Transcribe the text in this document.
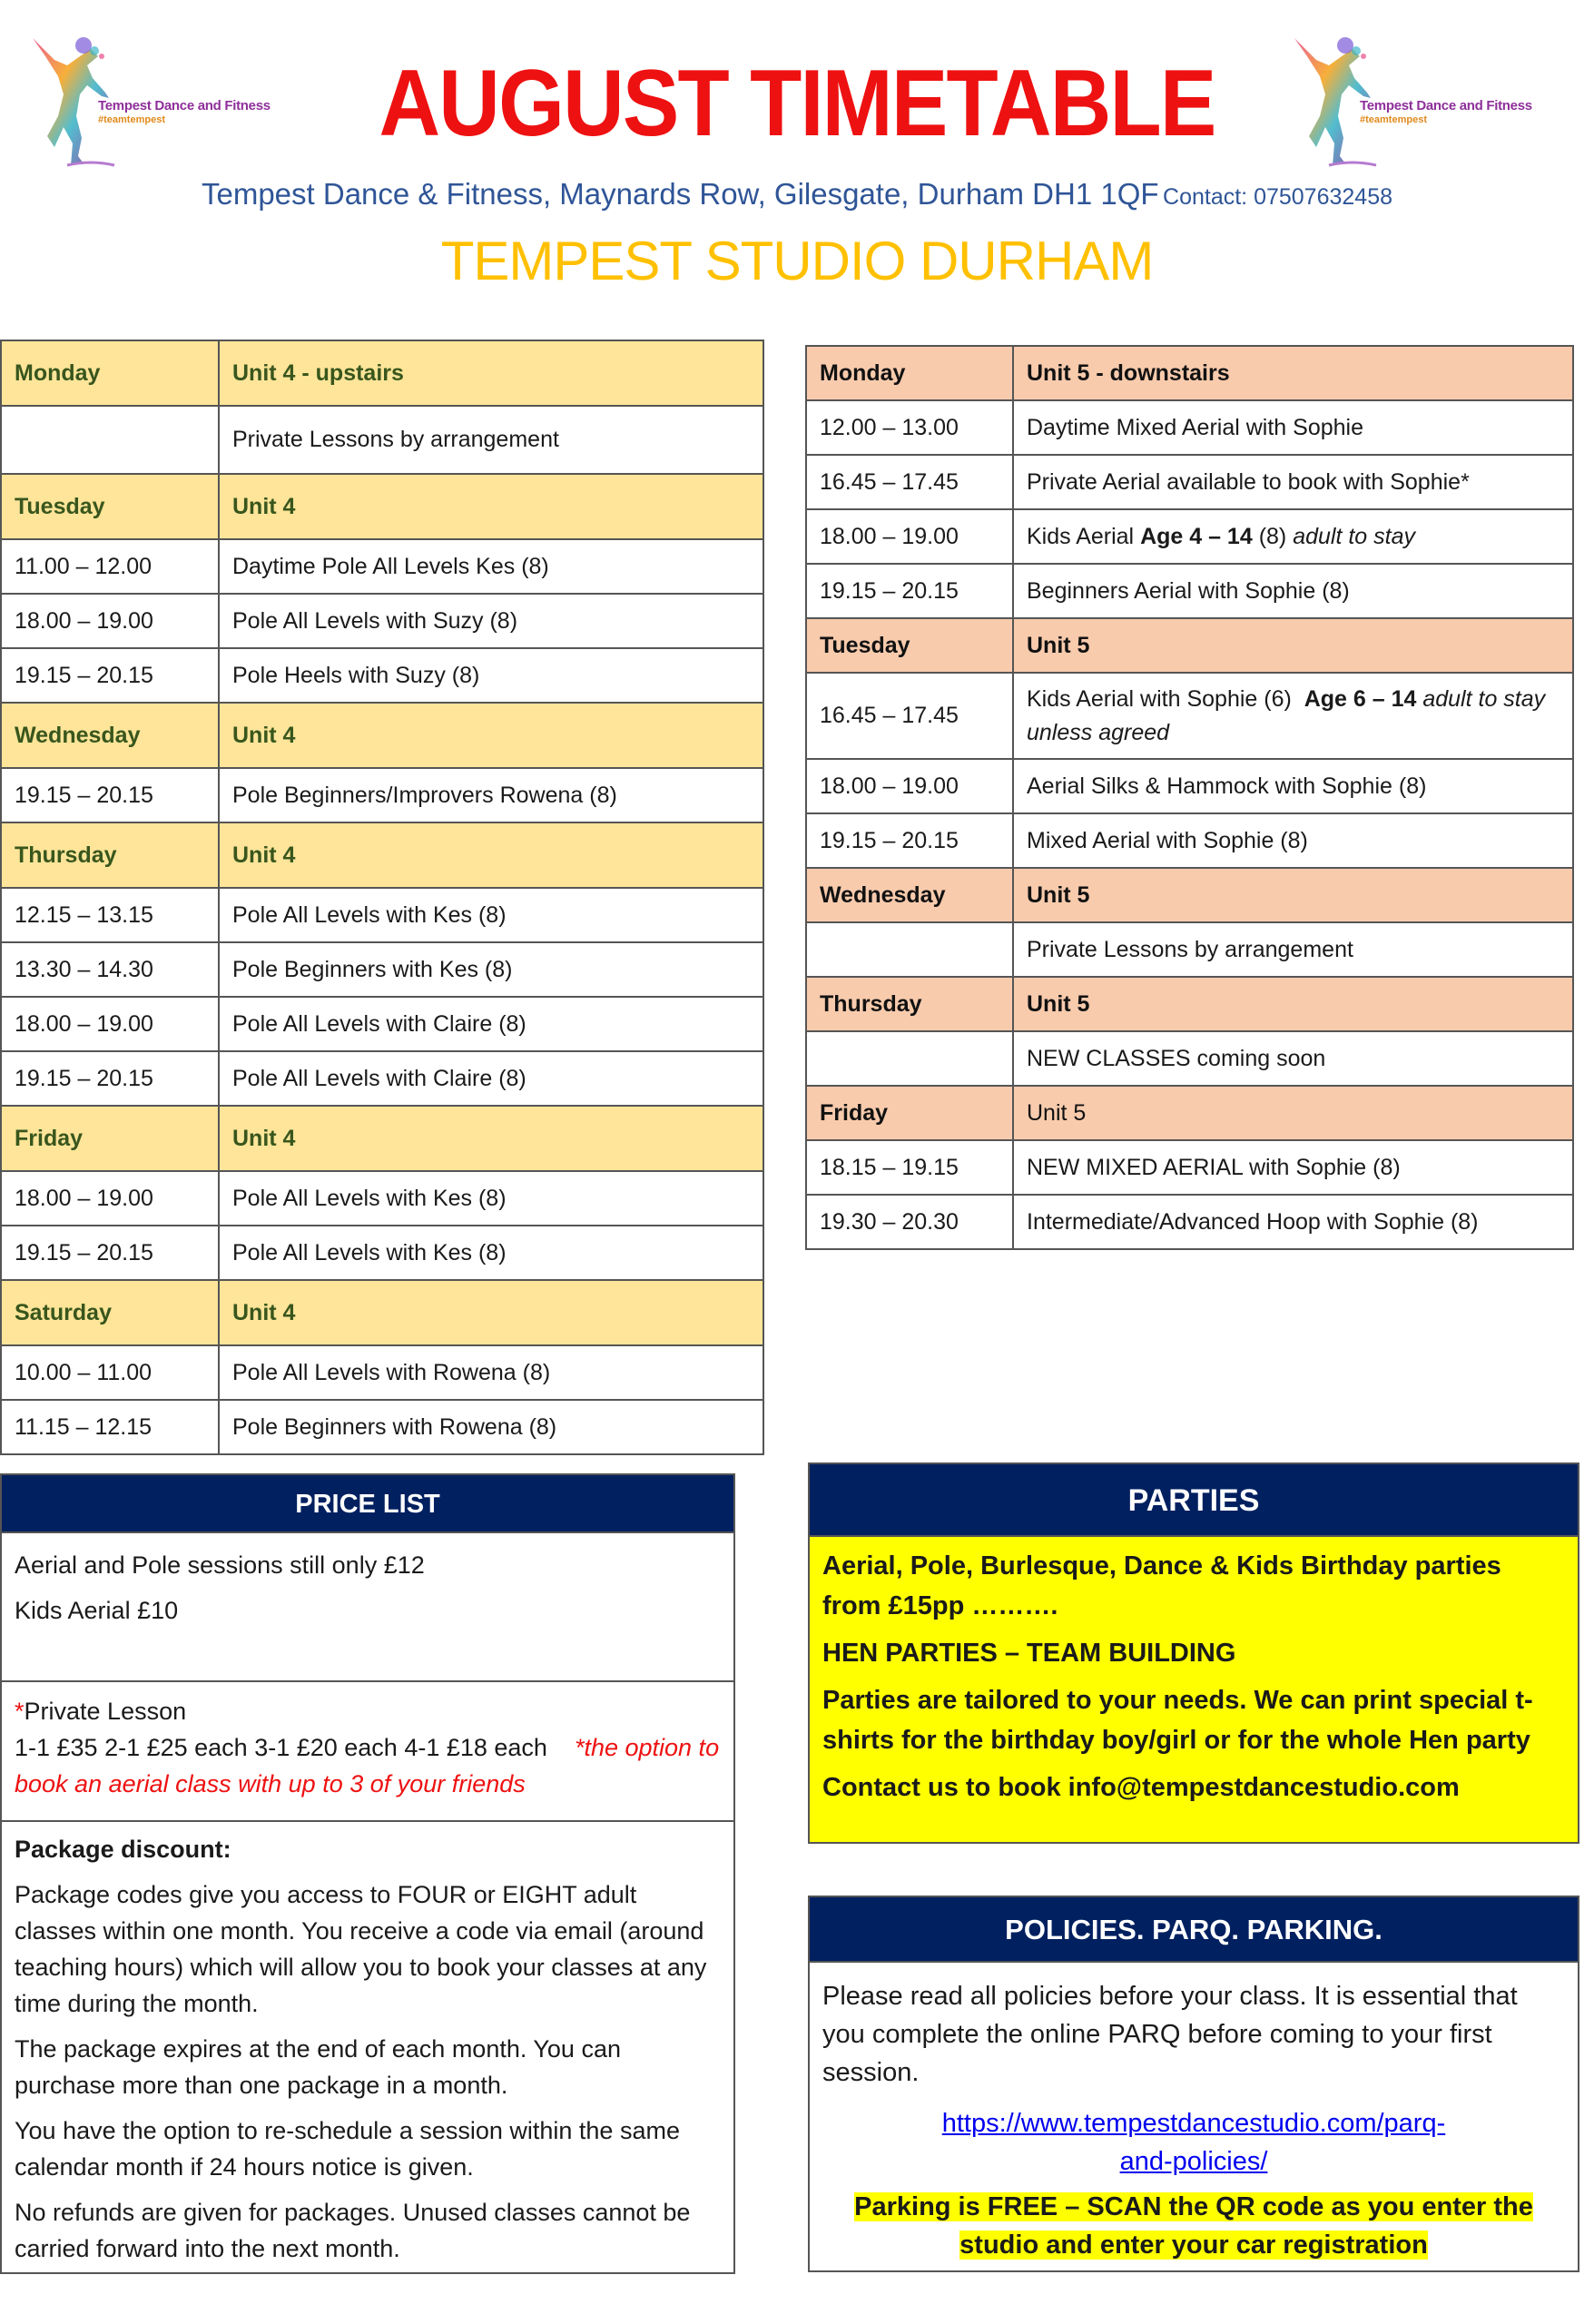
Tempest Dance and Fitness
#teamtempest
Tempest Dance and Fitness
#teamtempest
AUGUST TIMETABLE
Tempest Dance & Fitness, Maynards Row, Gilesgate, Durham DH1 1QF Contact: 07507632458
TEMPEST STUDIO DURHAM
Monday	Unit 4 - upstairs
	Private Lessons by arrangement
Tuesday	Unit 4
11.00 – 12.00	Daytime Pole All Levels Kes (8)
18.00 – 19.00	Pole All Levels with Suzy (8)
19.15 – 20.15	Pole Heels with Suzy (8)
Wednesday	Unit 4
19.15 – 20.15	Pole Beginners/Improvers Rowena (8)
Thursday	Unit 4
12.15 – 13.15	Pole All Levels with Kes (8)
13.30 – 14.30	Pole Beginners with Kes (8)
18.00 – 19.00	Pole All Levels with Claire (8)
19.15 – 20.15	Pole All Levels with Claire (8)
Friday	Unit 4
18.00 – 19.00	Pole All Levels with Kes (8)
19.15 – 20.15	Pole All Levels with Kes (8)
Saturday	Unit 4
10.00 – 11.00	Pole All Levels with Rowena (8)
11.15 – 12.15	Pole Beginners with Rowena (8)
Monday	Unit 5 - downstairs
12.00 – 13.00	Daytime Mixed Aerial with Sophie
16.45 – 17.45	Private Aerial available to book with Sophie*
18.00 – 19.00	Kids Aerial Age 4 – 14 (8) adult to stay
19.15 – 20.15	Beginners Aerial with Sophie (8)
Tuesday	Unit 5
16.45 – 17.45	Kids Aerial with Sophie (6)  Age 6 – 14 adult to stay unless agreed
18.00 – 19.00	Aerial Silks & Hammock with Sophie (8)
19.15 – 20.15	Mixed Aerial with Sophie (8)
Wednesday	Unit 5
	Private Lessons by arrangement
Thursday	Unit 5
	NEW CLASSES coming soon
Friday	Unit 5
18.15 – 19.15	NEW MIXED AERIAL with Sophie (8)
19.30 – 20.30	Intermediate/Advanced Hoop with Sophie (8)
PRICE LIST
Aerial and Pole sessions still only £12
Kids Aerial £10
*Private Lesson
1-1 £35 2-1 £25 each 3-1 £20 each 4-1 £18 each    *the option to book an aerial class with up to 3 of your friends

Package discount:

Package codes give you access to FOUR or EIGHT adult classes within one month. You receive a code via email (around teaching hours) which will allow you to book your classes at any time during the month.

The package expires at the end of each month. You can purchase more than one package in a month.

You have the option to re-schedule a session within the same calendar month if 24 hours notice is given.

No refunds are given for packages. Unused classes cannot be carried forward into the next month.

PARTIES

Aerial, Pole, Burlesque, Dance & Kids Birthday parties from £15pp ……….

HEN PARTIES – TEAM BUILDING

Parties are tailored to your needs. We can print special t-shirts for the birthday boy/girl or for the whole Hen party

Contact us to book info@tempestdancestudio.com

POLICIES. PARQ. PARKING.

Please read all policies before your class. It is essential that you complete the online PARQ before coming to your first session.

https://www.tempestdancestudio.com/parq-and-policies/

Parking is FREE – SCAN the QR code as you enter the studio and enter your car registration
